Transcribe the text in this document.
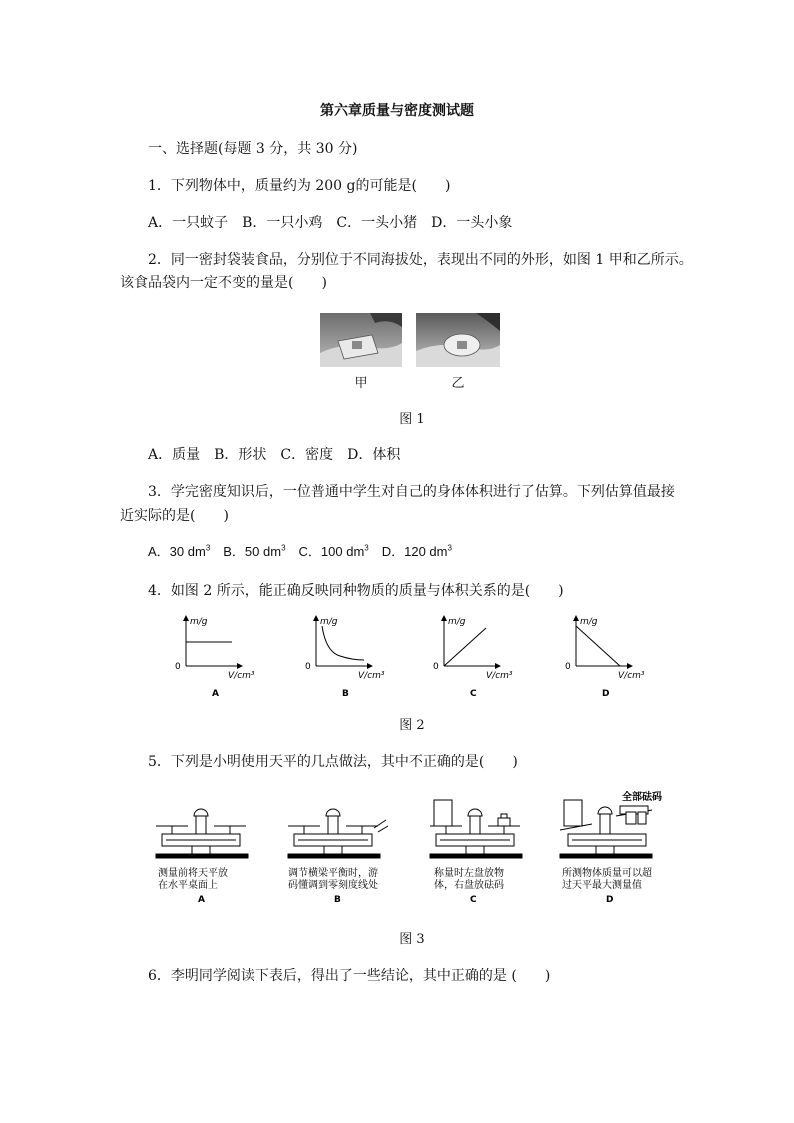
第六章质量与密度测试题
一、选择题(每题 3 分，共 30 分)
1．下列物体中，质量约为 200 g的可能是(　　)
A．一只蚊子　B．一只小鸡　C．一头小猪　D．一头小象
2．同一密封袋装食品，分别位于不同海拔处，表现出不同的外形，如图 1 甲和乙所示。
该食品袋内一定不变的量是(　　)
甲	乙
图 1
A．质量　B．形状　C．密度　D．体积
3．学完密度知识后，一位普通中学生对自己的身体体积进行了估算。下列估算值最接
近实际的是(　　)
A．30 $dm^3$　B．50 $dm^3$　C．100 $dm^3$　D．120 $dm^3$
4．如图 2 所示，能正确反映同种物质的质量与体积关系的是(　　)
m/g
0
V/cm³
A
m/g
0
V/cm³
B
m/g
0
V/cm³
C
m/g
0
V/cm³
D
图 2
5．下列是小明使用天平的几点做法，其中不正确的是(　　)
测量前将天平放
在水平桌面上
A
调节横梁平衡时，游
码懂调到零刻度线处
B
称量时左盘放物
体，右盘放砝码
C
全部砝码
所测物体质量可以超
过天平最大测量值
D
图 3
6．李明同学阅读下表后，得出了一些结论，其中正确的是 (　　)
